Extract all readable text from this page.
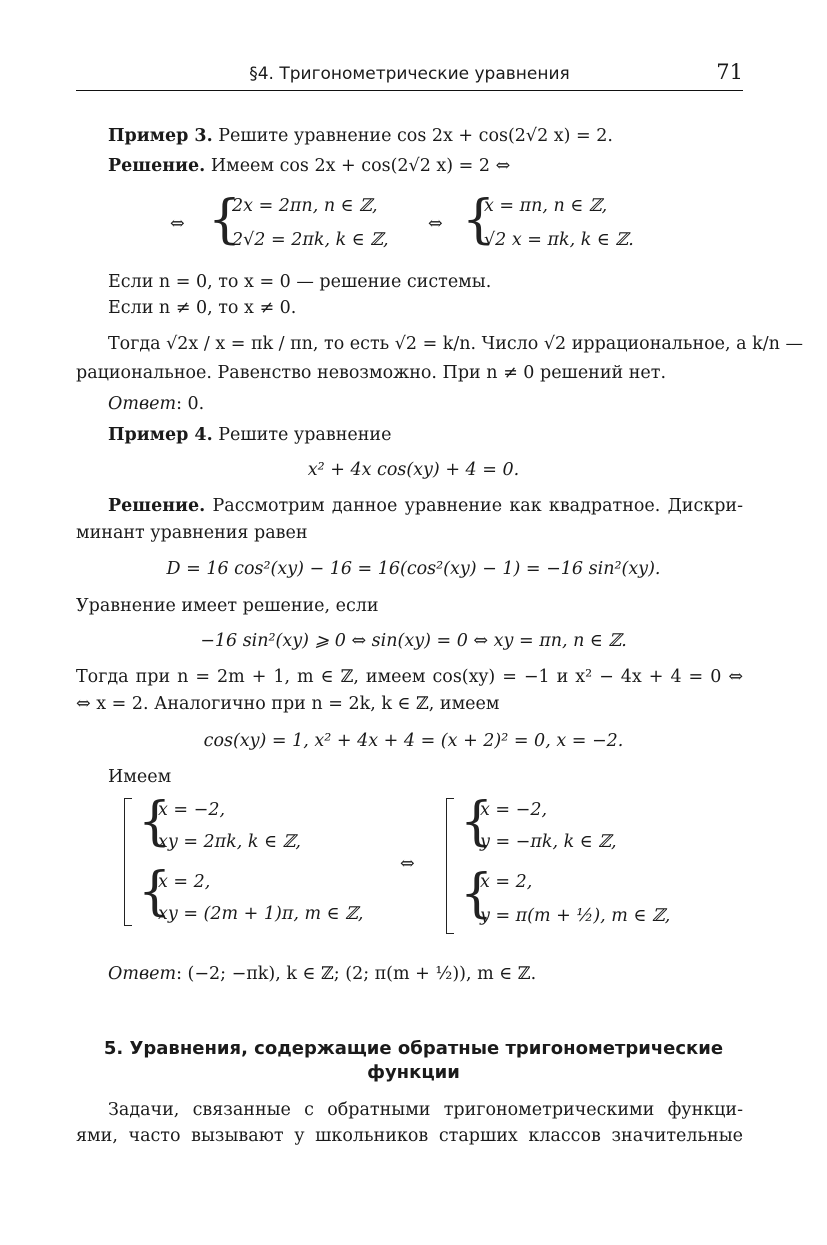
§4. Тригонометрические уравнения	71
Пример 3. Решите уравнение cos 2x + cos(2√2 x) = 2.
Решение. Имеем cos 2x + cos(2√2 x) = 2 ⇔
⇔ {
2x = 2πn, n ∈ ℤ,
2√2 = 2πk, k ∈ ℤ,
⇔ {
x = πn, n ∈ ℤ,
√2 x = πk, k ∈ ℤ.
Если n = 0, то x = 0 — решение системы.
Если n ≠ 0, то x ≠ 0.
Тогда √2x / x = πk / πn, то есть √2 = k/n. Число √2 иррациональное, а k/n —
рациональное. Равенство невозможно. При n ≠ 0 решений нет.
Ответ: 0.
Пример 4. Решите уравнение
x² + 4x cos(xy) + 4 = 0.
Решение. Рассмотрим данное уравнение как квадратное. Дискри-
минант уравнения равен
D = 16 cos²(xy) − 16 = 16(cos²(xy) − 1) = −16 sin²(xy).
Уравнение имеет решение, если
−16 sin²(xy) ⩾ 0 ⇔ sin(xy) = 0 ⇔ xy = πn, n ∈ ℤ.
Тогда при n = 2m + 1, m ∈ ℤ, имеем cos(xy) = −1 и x² − 4x + 4 = 0 ⇔
⇔ x = 2. Аналогично при n = 2k, k ∈ ℤ, имеем
cos(xy) = 1, x² + 4x + 4 = (x + 2)² = 0, x = −2.
Имеем
{
x = −2,
xy = 2πk, k ∈ ℤ,
{
x = 2,
xy = (2m + 1)π, m ∈ ℤ,
⇔
{
x = −2,
y = −πk, k ∈ ℤ,
{
x = 2,
y = π(m + ½), m ∈ ℤ,
Ответ: (−2; −πk), k ∈ ℤ; (2; π(m + ½)), m ∈ ℤ.
5. Уравнения, содержащие обратные тригонометрические
функции
Задачи, связанные с обратными тригонометрическими функци-
ями, часто вызывают у школьников старших классов значительные
